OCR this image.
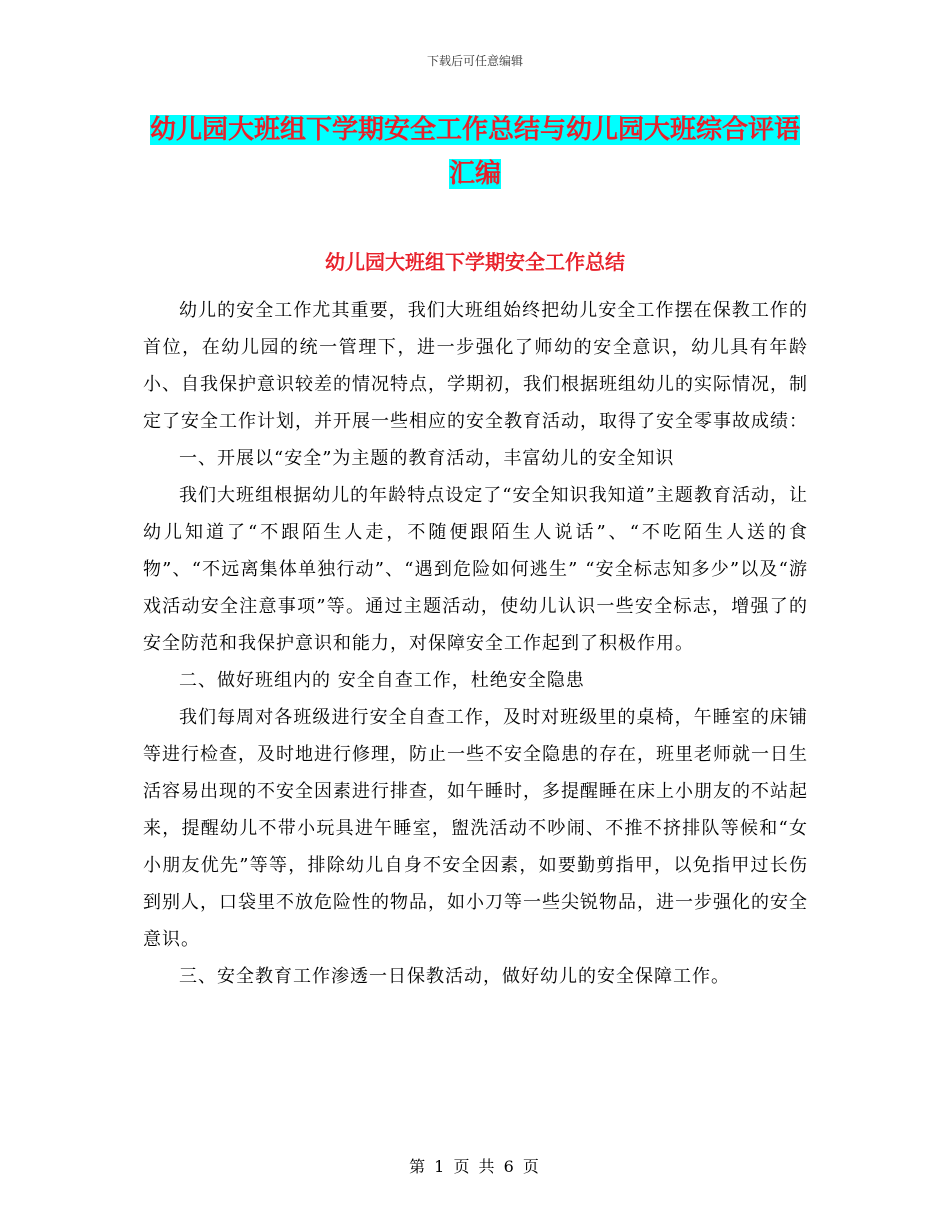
下载后可任意编辑
幼儿园大班组下学期安全工作总结与幼儿园大班综合评语汇编
幼儿园大班组下学期安全工作总结

幼儿的安全工作尤其重要，我们大班组始终把幼儿安全工作摆在保教工作的首位，在幼儿园的统一管理下，进一步强化了师幼的安全意识，幼儿具有年龄小、自我保护意识较差的情况特点，学期初，我们根据班组幼儿的实际情况，制定了安全工作计划，并开展一些相应的安全教育活动，取得了安全零事故成绩：

一、开展以“安全”为主题的教育活动，丰富幼儿的安全知识

我们大班组根据幼儿的年龄特点设定了“安全知识我知道”主题教育活动，让幼儿知道了“不跟陌生人走，不随便跟陌生人说话”、“不吃陌生人送的食物”、“不远离集体单独行动”、“遇到危险如何逃生” “安全标志知多少”以及“游戏活动安全注意事项”等。通过主题活动，使幼儿认识一些安全标志，增强了的安全防范和我保护意识和能力，对保障安全工作起到了积极作用。

二、做好班组内的 安全自查工作，杜绝安全隐患

我们每周对各班级进行安全自查工作，及时对班级里的桌椅，午睡室的床铺等进行检查，及时地进行修理，防止一些不安全隐患的存在，班里老师就一日生活容易出现的不安全因素进行排查，如午睡时，多提醒睡在床上小朋友的不站起来，提醒幼儿不带小玩具进午睡室，盥洗活动不吵闹、不推不挤排队等候和“女小朋友优先”等等，排除幼儿自身不安全因素，如要勤剪指甲，以免指甲过长伤到别人，口袋里不放危险性的物品，如小刀等一些尖锐物品，进一步强化的安全意识。

三、安全教育工作渗透一日保教活动，做好幼儿的安全保障工作。

第 1 页 共 6 页
